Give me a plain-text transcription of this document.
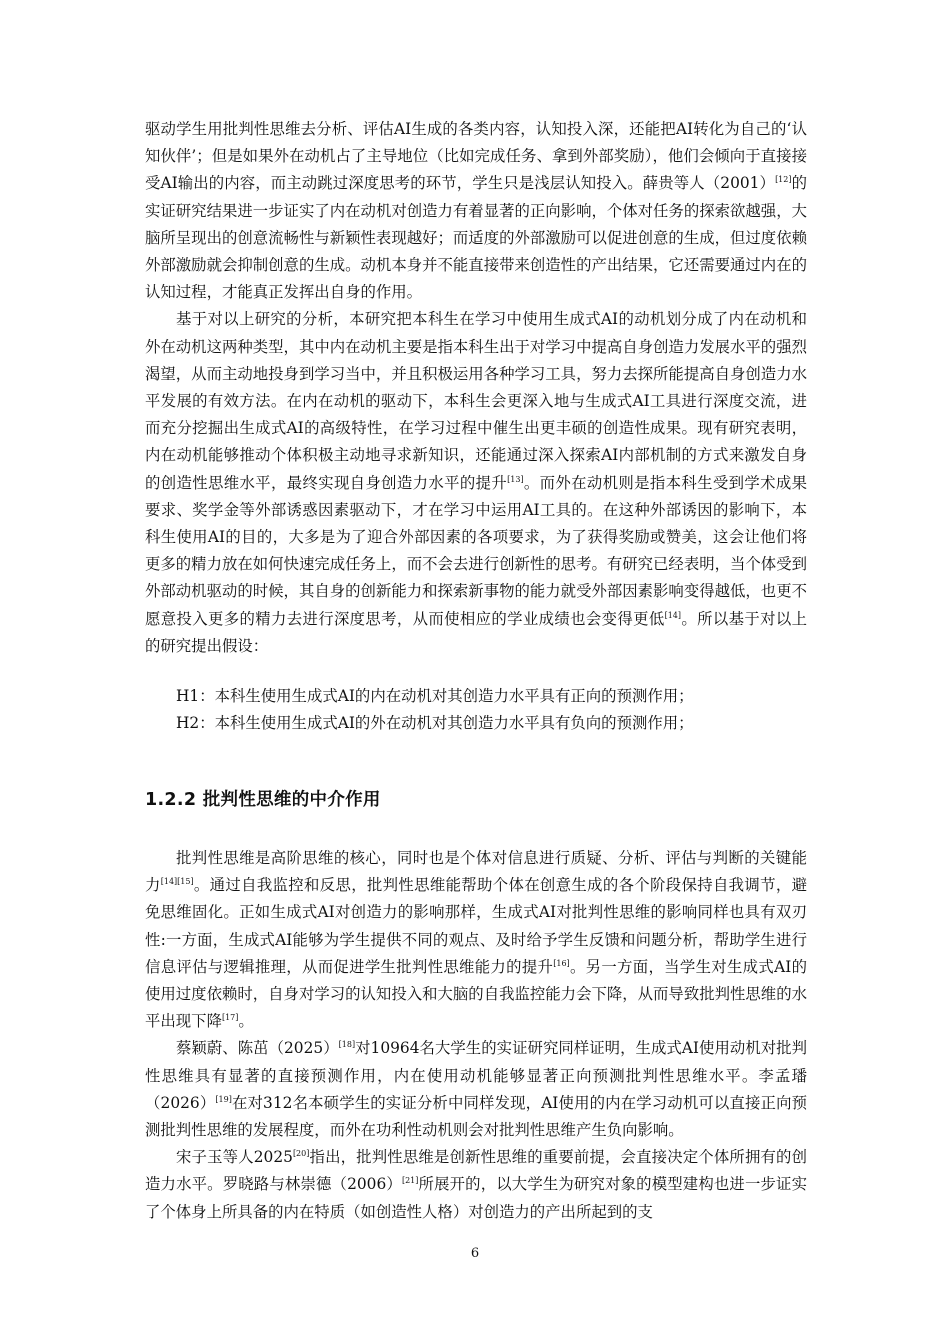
驱动学生用批判性思维去分析、评估AI生成的各类内容，认知投入深，还能把AI转化为自己的‘认知伙伴’；但是如果外在动机占了主导地位（比如完成任务、拿到外部奖励），他们会倾向于直接接受AI输出的内容，而主动跳过深度思考的环节，学生只是浅层认知投入。薛贵等人（2001）[12]的实证研究结果进一步证实了内在动机对创造力有着显著的正向影响，个体对任务的探索欲越强，大脑所呈现出的创意流畅性与新颖性表现越好；而适度的外部激励可以促进创意的生成，但过度依赖外部激励就会抑制创意的生成。动机本身并不能直接带来创造性的产出结果，它还需要通过内在的认知过程，才能真正发挥出自身的作用。

基于对以上研究的分析，本研究把本科生在学习中使用生成式AI的动机划分成了内在动机和外在动机这两种类型，其中内在动机主要是指本科生出于对学习中提高自身创造力发展水平的强烈渴望，从而主动地投身到学习当中，并且积极运用各种学习工具，努力去探所能提高自身创造力水平发展的有效方法。在内在动机的驱动下，本科生会更深入地与生成式AI工具进行深度交流，进而充分挖掘出生成式AI的高级特性，在学习过程中催生出更丰硕的创造性成果。现有研究表明，内在动机能够推动个体积极主动地寻求新知识，还能通过深入探索AI内部机制的方式来激发自身的创造性思维水平，最终实现自身创造力水平的提升[13]。而外在动机则是指本科生受到学术成果要求、奖学金等外部诱惑因素驱动下，才在学习中运用AI工具的。在这种外部诱因的影响下，本科生使用AI的目的，大多是为了迎合外部因素的各项要求，为了获得奖励或赞美，这会让他们将更多的精力放在如何快速完成任务上，而不会去进行创新性的思考。有研究已经表明，当个体受到外部动机驱动的时候，其自身的创新能力和探索新事物的能力就受外部因素影响变得越低，也更不愿意投入更多的精力去进行深度思考，从而使相应的学业成绩也会变得更低[14]。所以基于对以上的研究提出假设：

H1：本科生使用生成式AI的内在动机对其创造力水平具有正向的预测作用；
H2：本科生使用生成式AI的外在动机对其创造力水平具有负向的预测作用；
1.2.2 批判性思维的中介作用

批判性思维是高阶思维的核心，同时也是个体对信息进行质疑、分析、评估与判断的关键能力[14][15]。通过自我监控和反思，批判性思维能帮助个体在创意生成的各个阶段保持自我调节，避免思维固化。正如生成式AI对创造力的影响那样，生成式AI对批判性思维的影响同样也具有双刃性:一方面，生成式AI能够为学生提供不同的观点、及时给予学生反馈和问题分析，帮助学生进行信息评估与逻辑推理，从而促进学生批判性思维能力的提升[16]。另一方面，当学生对生成式AI的使用过度依赖时，自身对学习的认知投入和大脑的自我监控能力会下降，从而导致批判性思维的水平出现下降[17]。

蔡颖蔚、陈茁（2025）[18]对10964名大学生的实证研究同样证明，生成式AI使用动机对批判性思维具有显著的直接预测作用，内在使用动机能够显著正向预测批判性思维水平。李孟璠（2026）[19]在对312名本硕学生的实证分析中同样发现，AI使用的内在学习动机可以直接正向预测批判性思维的发展程度，而外在功利性动机则会对批判性思维产生负向影响。

宋子玉等人2025[20]指出，批判性思维是创新性思维的重要前提，会直接决定个体所拥有的创造力水平。罗晓路与林崇德（2006）[21]所展开的，以大学生为研究对象的模型建构也进一步证实了个体身上所具备的内在特质（如创造性人格）对创造力的产出所起到的支

6
